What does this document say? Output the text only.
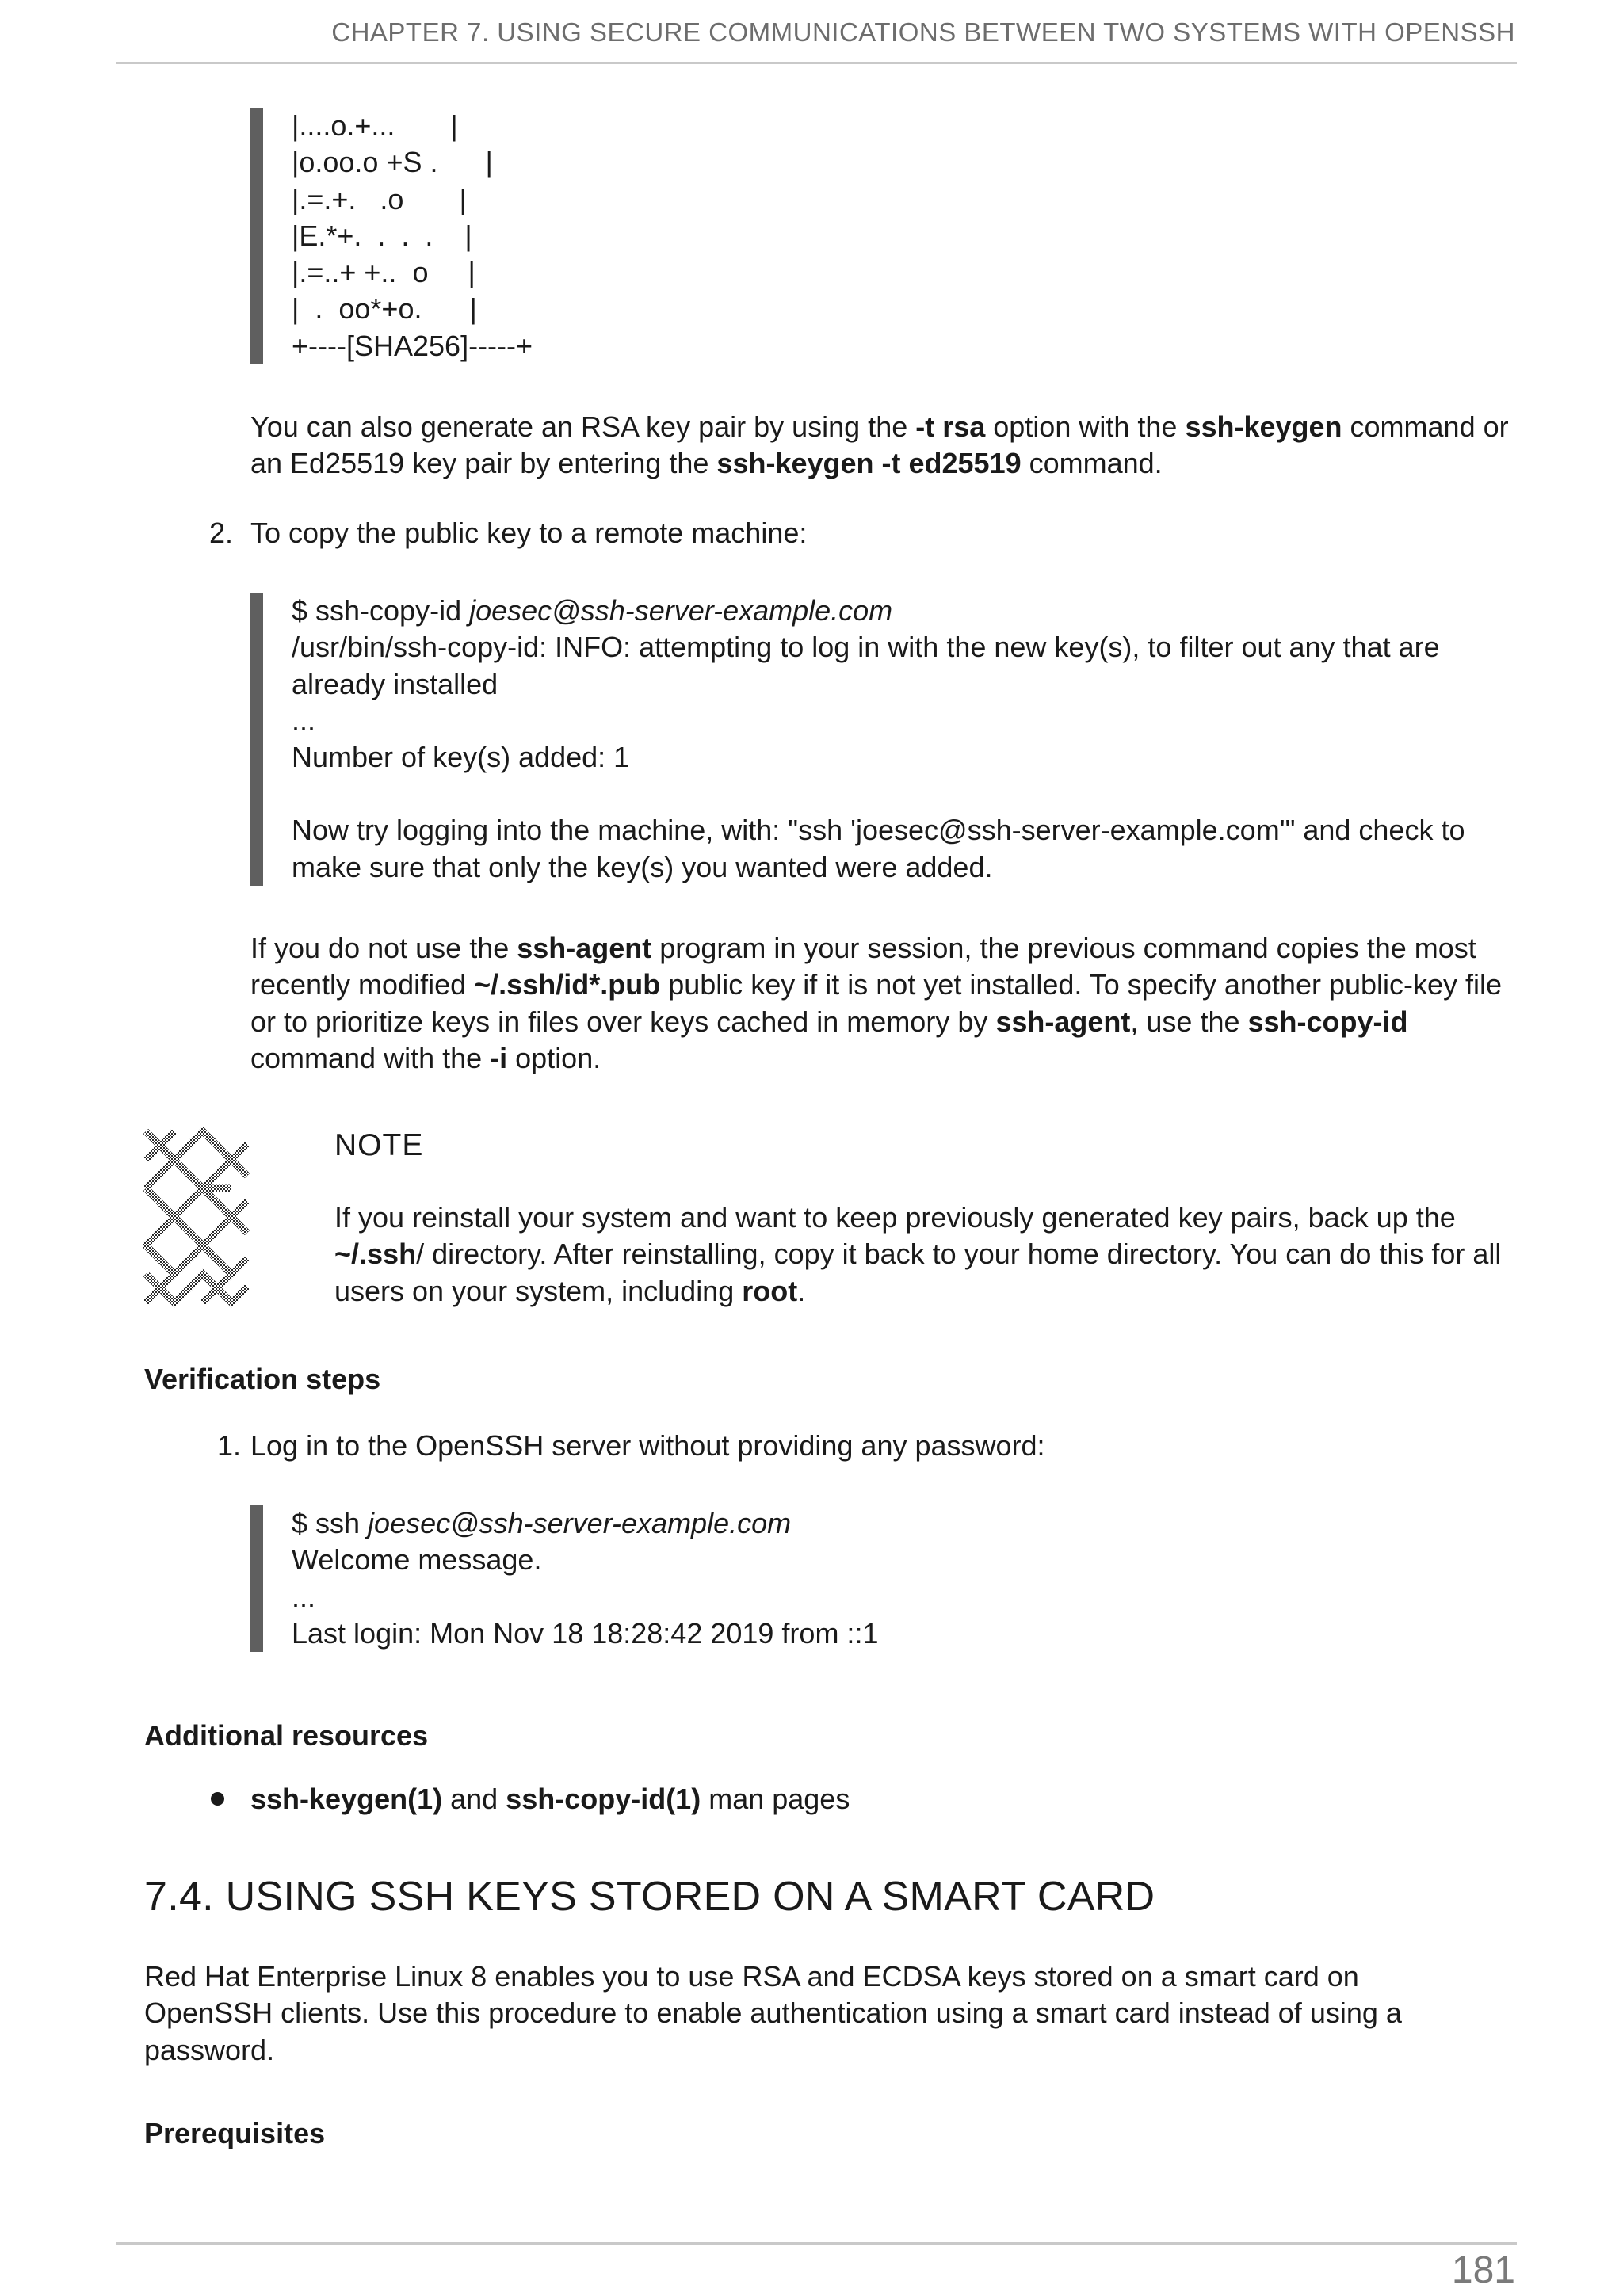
CHAPTER 7. USING SECURE COMMUNICATIONS BETWEEN TWO SYSTEMS WITH OPENSSH
|....o.+...       |
|o.oo.o +S .      |
|.=.+.   .o       |
|E.*+.  .  .  .    |
|.=..+ +..  o     |
|  .  oo*+o.      |
+----[SHA256]-----+
You can also generate an RSA key pair by using the -t rsa option with the ssh-keygen command or an Ed25519 key pair by entering the ssh-keygen -t ed25519 command.
2. To copy the public key to a remote machine:
$ ssh-copy-id joesec@ssh-server-example.com
/usr/bin/ssh-copy-id: INFO: attempting to log in with the new key(s), to filter out any that are already installed
...
Number of key(s) added: 1
Now try logging into the machine, with: "ssh 'joesec@ssh-server-example.com'" and check to make sure that only the key(s) you wanted were added.
If you do not use the ssh-agent program in your session, the previous command copies the most recently modified ~/.ssh/id*.pub public key if it is not yet installed. To specify another public-key file or to prioritize keys in files over keys cached in memory by ssh-agent, use the ssh-copy-id command with the -i option.
NOTE
If you reinstall your system and want to keep previously generated key pairs, back up the ~/.ssh/ directory. After reinstalling, copy it back to your home directory. You can do this for all users on your system, including root.
Verification steps
1. Log in to the OpenSSH server without providing any password:
$ ssh joesec@ssh-server-example.com
Welcome message.
...
Last login: Mon Nov 18 18:28:42 2019 from ::1
Additional resources
ssh-keygen(1) and ssh-copy-id(1) man pages
7.4. USING SSH KEYS STORED ON A SMART CARD
Red Hat Enterprise Linux 8 enables you to use RSA and ECDSA keys stored on a smart card on OpenSSH clients. Use this procedure to enable authentication using a smart card instead of using a password.
Prerequisites
181
